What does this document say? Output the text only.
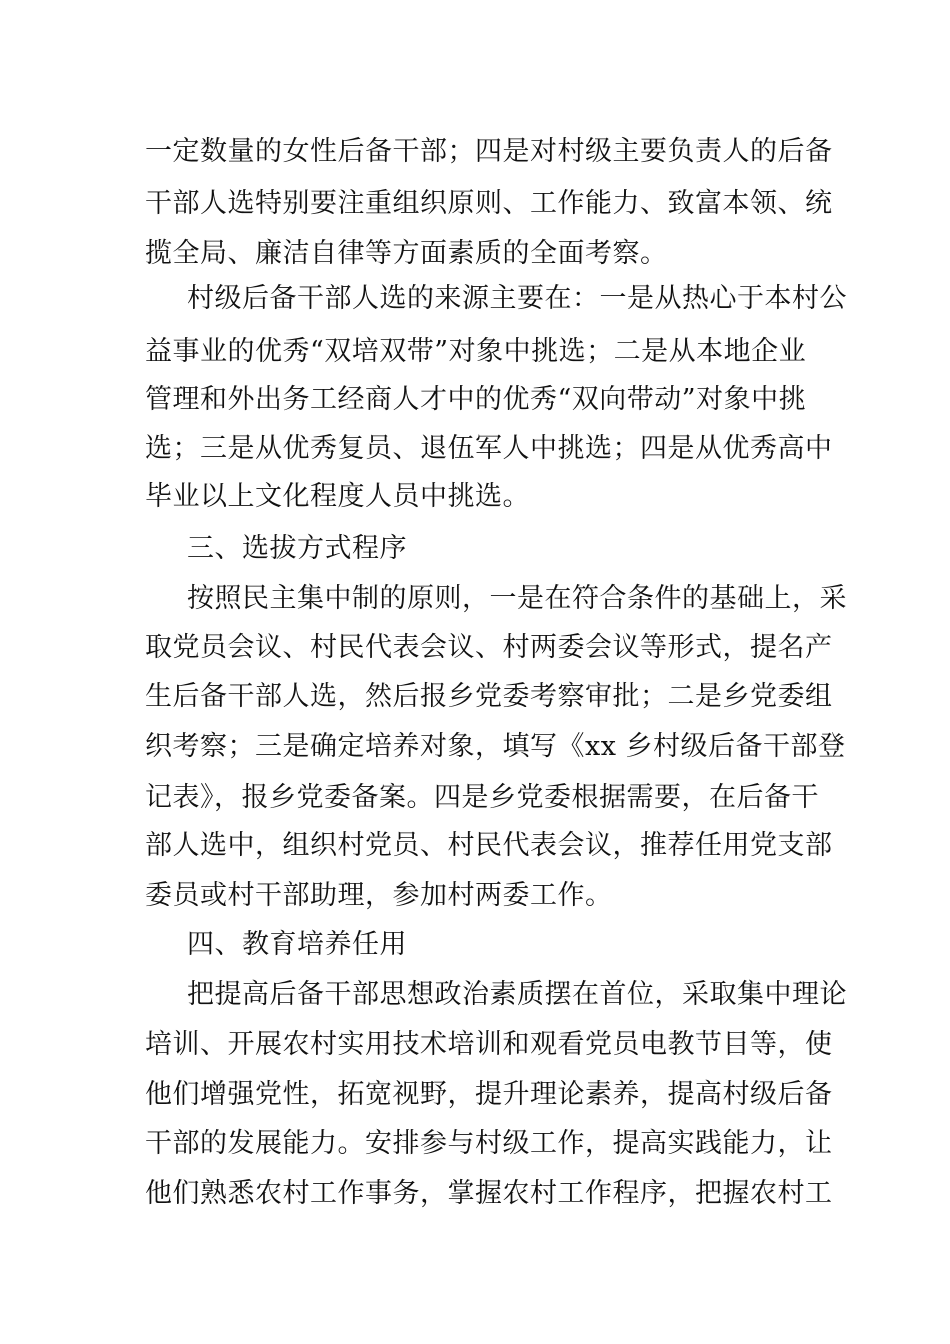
一定数量的女性后备干部；四是对村级主要负责人的后备
干部人选特别要注重组织原则、工作能力、致富本领、统
揽全局、廉洁自律等方面素质的全面考察。
村级后备干部人选的来源主要在：一是从热心于本村公
益事业的优秀“双培双带”对象中挑选；二是从本地企业
管理和外出务工经商人才中的优秀“双向带动”对象中挑
选；三是从优秀复员、退伍军人中挑选；四是从优秀高中
毕业以上文化程度人员中挑选。
三、选拔方式程序
按照民主集中制的原则，一是在符合条件的基础上，采
取党员会议、村民代表会议、村两委会议等形式，提名产
生后备干部人选，然后报乡党委考察审批；二是乡党委组
织考察；三是确定培养对象，填写《xx 乡村级后备干部登
记表》，报乡党委备案。四是乡党委根据需要，在后备干
部人选中，组织村党员、村民代表会议，推荐任用党支部
委员或村干部助理，参加村两委工作。
四、教育培养任用
把提高后备干部思想政治素质摆在首位，采取集中理论
培训、开展农村实用技术培训和观看党员电教节目等，使
他们增强党性，拓宽视野，提升理论素养，提高村级后备
干部的发展能力。安排参与村级工作，提高实践能力，让
他们熟悉农村工作事务，掌握农村工作程序，把握农村工
